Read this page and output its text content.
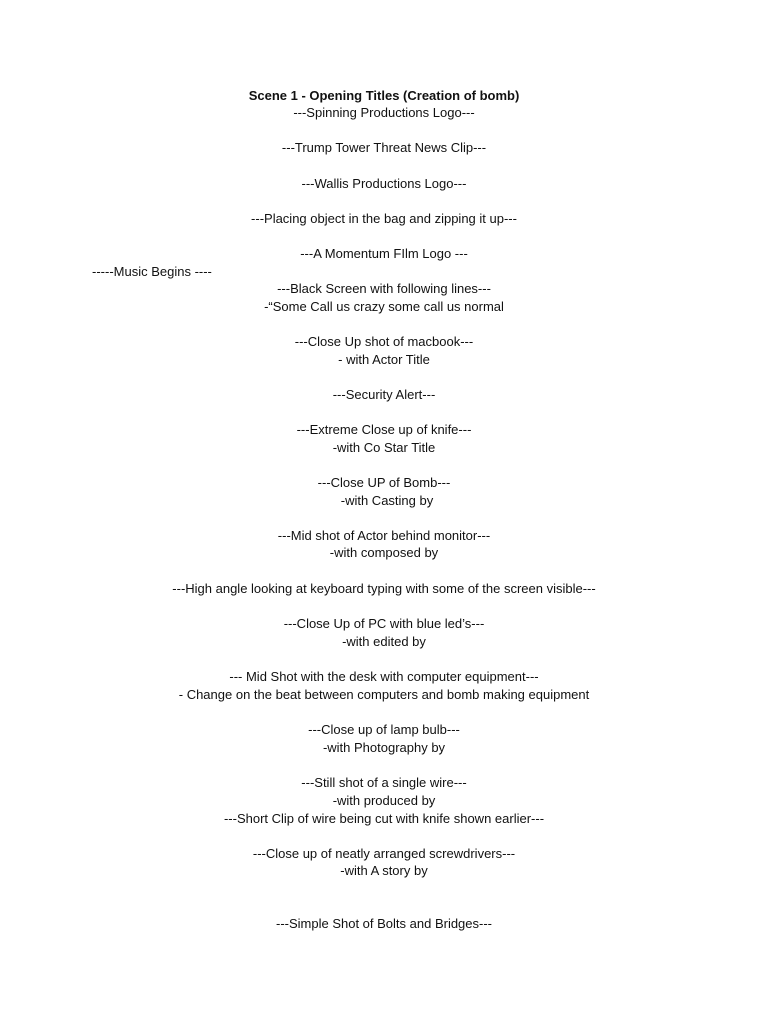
Scene 1 - Opening Titles (Creation of bomb)
---Spinning Productions Logo---
---Trump Tower Threat News Clip---
---Wallis Productions Logo---
---Placing object in the bag and zipping it up---
---A Momentum FIlm Logo ---
-----Music Begins ----
---Black Screen with following lines---
-“Some Call us crazy some call us normal
---Close Up shot of macbook---
- with Actor Title
---Security Alert---
---Extreme Close up of knife---
-with Co Star Title
---Close UP of Bomb---
-with Casting by
---Mid shot of Actor behind monitor---
-with composed by
---High angle looking at keyboard typing with some of the screen visible---
---Close Up of PC with blue led’s---
-with edited by
--- Mid Shot with the desk with computer equipment---
- Change on the beat between computers and bomb making equipment
---Close up of lamp bulb---
-with Photography by
---Still shot of a single wire---
-with produced by
---Short Clip of wire being cut with knife shown earlier---
---Close up of neatly arranged screwdrivers---
-with A story by
---Simple Shot of Bolts and Bridges---
